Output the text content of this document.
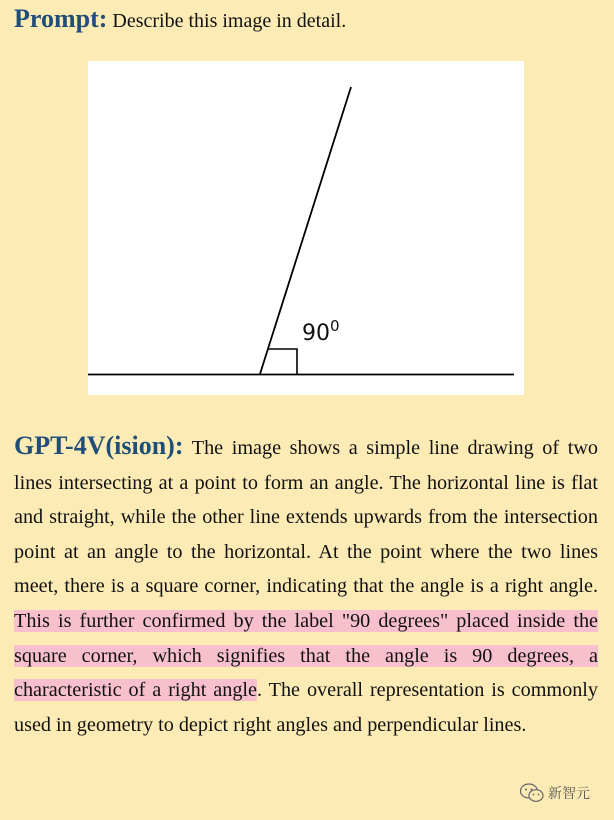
Prompt: Describe this image in detail.
$90^0$

GPT-4V(ision): The image shows a simple line drawing of two lines intersecting at a point to form an angle. The horizontal line is flat and straight, while the other line extends upwards from the intersection point at an angle to the horizontal. At the point where the two lines meet, there is a square corner, indicating that the angle is a right angle. This is further confirmed by the label "90 degrees" placed inside the square corner, which signifies that the angle is 90 degrees, a characteristic of a right angle. The overall representation is commonly used in geometry to depict right angles and perpendicular lines.

新智元
